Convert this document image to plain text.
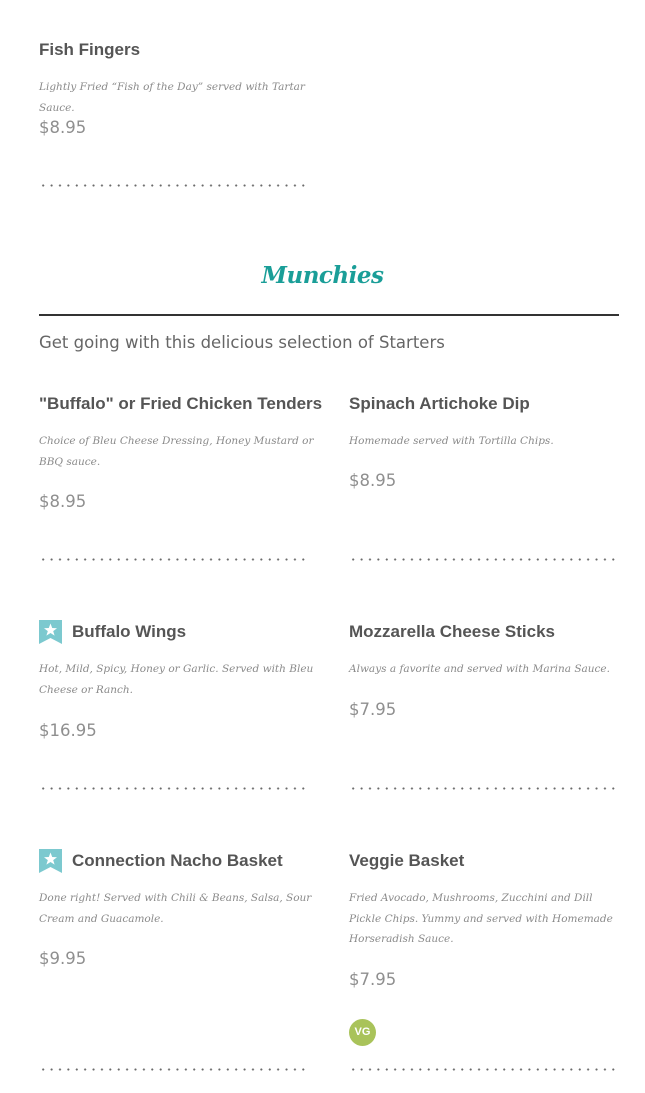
Fish Fingers
Lightly Fried “Fish of the Day” served with Tartar Sauce.
$8.95
Munchies
Get going with this delicious selection of Starters
"Buffalo" or Fried Chicken Tenders
Choice of Bleu Cheese Dressing, Honey Mustard or BBQ sauce.
$8.95
Spinach Artichoke Dip
Homemade served with Tortilla Chips.
$8.95
Buffalo Wings
Hot, Mild, Spicy, Honey or Garlic. Served with Bleu Cheese or Ranch.
$16.95
Mozzarella Cheese Sticks
Always a favorite and served with Marina Sauce.
$7.95
Connection Nacho Basket
Done right! Served with Chili & Beans, Salsa, Sour Cream and Guacamole.
$9.95
Veggie Basket
Fried Avocado, Mushrooms, Zucchini and Dill Pickle Chips. Yummy and served with Homemade Horseradish Sauce.
$7.95
VG
